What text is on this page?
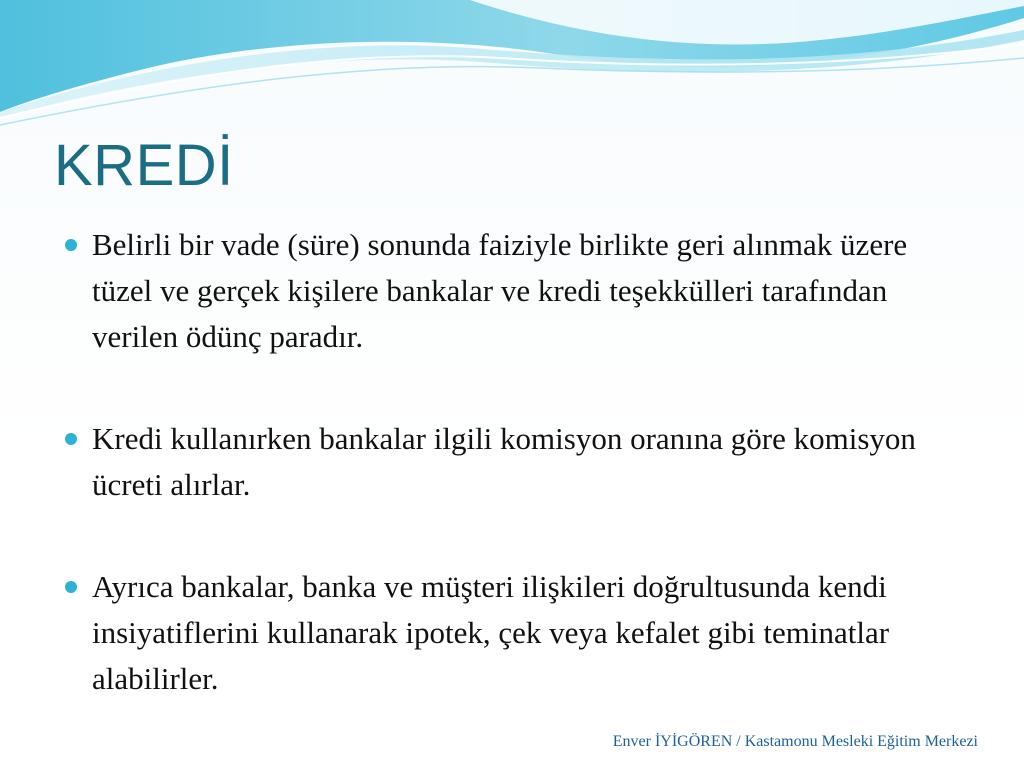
KREDİ
Belirli bir vade (süre) sonunda faiziyle birlikte geri alınmak üzere tüzel ve gerçek kişilere bankalar ve kredi teşekkülleri tarafından verilen ödünç paradır.
Kredi kullanırken bankalar ilgili komisyon oranına göre komisyon ücreti alırlar.
Ayrıca bankalar, banka ve müşteri ilişkileri doğrultusunda kendi insiyatiflerini kullanarak ipotek, çek veya kefalet gibi teminatlar alabilirler.
Enver İYİGÖREN / Kastamonu Mesleki Eğitim Merkezi
